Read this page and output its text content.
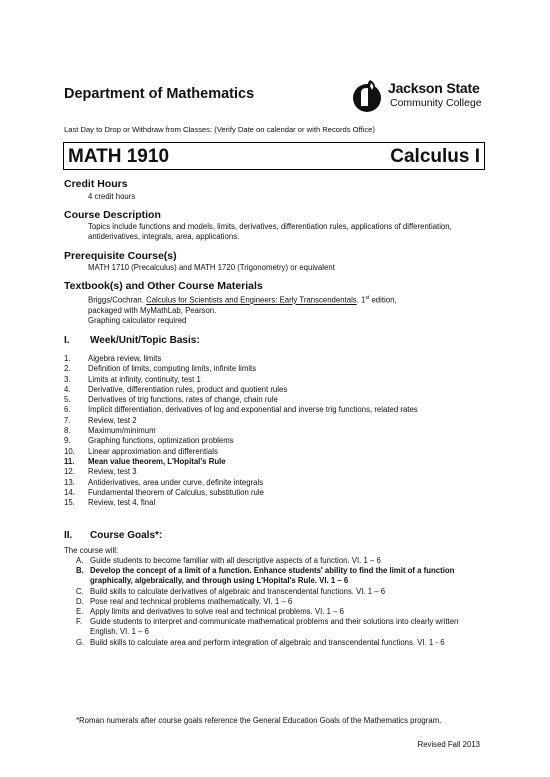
Department of Mathematics	Jackson State
Community College
Last Day to Drop or Withdraw from Classes: (Verify Date on calendar or with Records Office)
MATH 1910	Calculus I
Credit Hours
4 credit hours
Course Description
Topics include functions and models, limits, derivatives, differentiation rules, applications of differentiation, antiderivatives, integrals, area, applications.
Prerequisite Course(s)
MATH 1710 (Precalculus) and MATH 1720 (Trigonometry) or equivalent
Textbook(s) and Other Course Materials

Briggs/Cochran. Calculus for Scientists and Engineers: Early Transcendentals. 1st edition,

packaged with MyMathLab, Pearson.

Graphing calculator required

I. Week/Unit/Topic Basis:
1.	Algebra review, limits
2.	Definition of limits, computing limits, infinite limits
3.	Limits at infinity, continuity, test 1
4.	Derivative, differentiation rules, product and quotient rules
5.	Derivatives of trig functions, rates of change, chain rule
6.	Implicit differentiation, derivatives of log and exponential and inverse trig functions, related rates
7.	Review, test 2
8.	Maximum/minimum
9.	Graphing functions, optimization problems
10.	Linear approximation and differentials
11.	Mean value theorem, L'Hopital's Rule
12.	Review, test 3
13.	Antiderivatives, area under curve, definite integrals
14.	Fundamental theorem of Calculus, substitution rule
15.	Review, test 4, final
II. Course Goals*:
The course will:
A. Guide students to become familiar with all descriptive aspects of a function. VI. 1 – 6
B. Develop the concept of a limit of a function. Enhance students' ability to find the limit of a function graphically, algebraically, and through using L'Hopital's Rule. VI. 1 – 6
C. Build skills to calculate derivatives of algebraic and transcendental functions. VI. 1 – 6
D. Pose real and technical problems mathematically. VI. 1 – 6
E. Apply limits and derivatives to solve real and technical problems. VI. 1 – 6
F. Guide students to interpret and communicate mathematical problems and their solutions into clearly written English. VI. 1 – 6
G. Build skills to calculate area and perform integration of algebraic and transcendental functions. VI. 1 - 6
*Roman numerals after course goals reference the General Education Goals of the Mathematics program.
Revised Fall 2013
